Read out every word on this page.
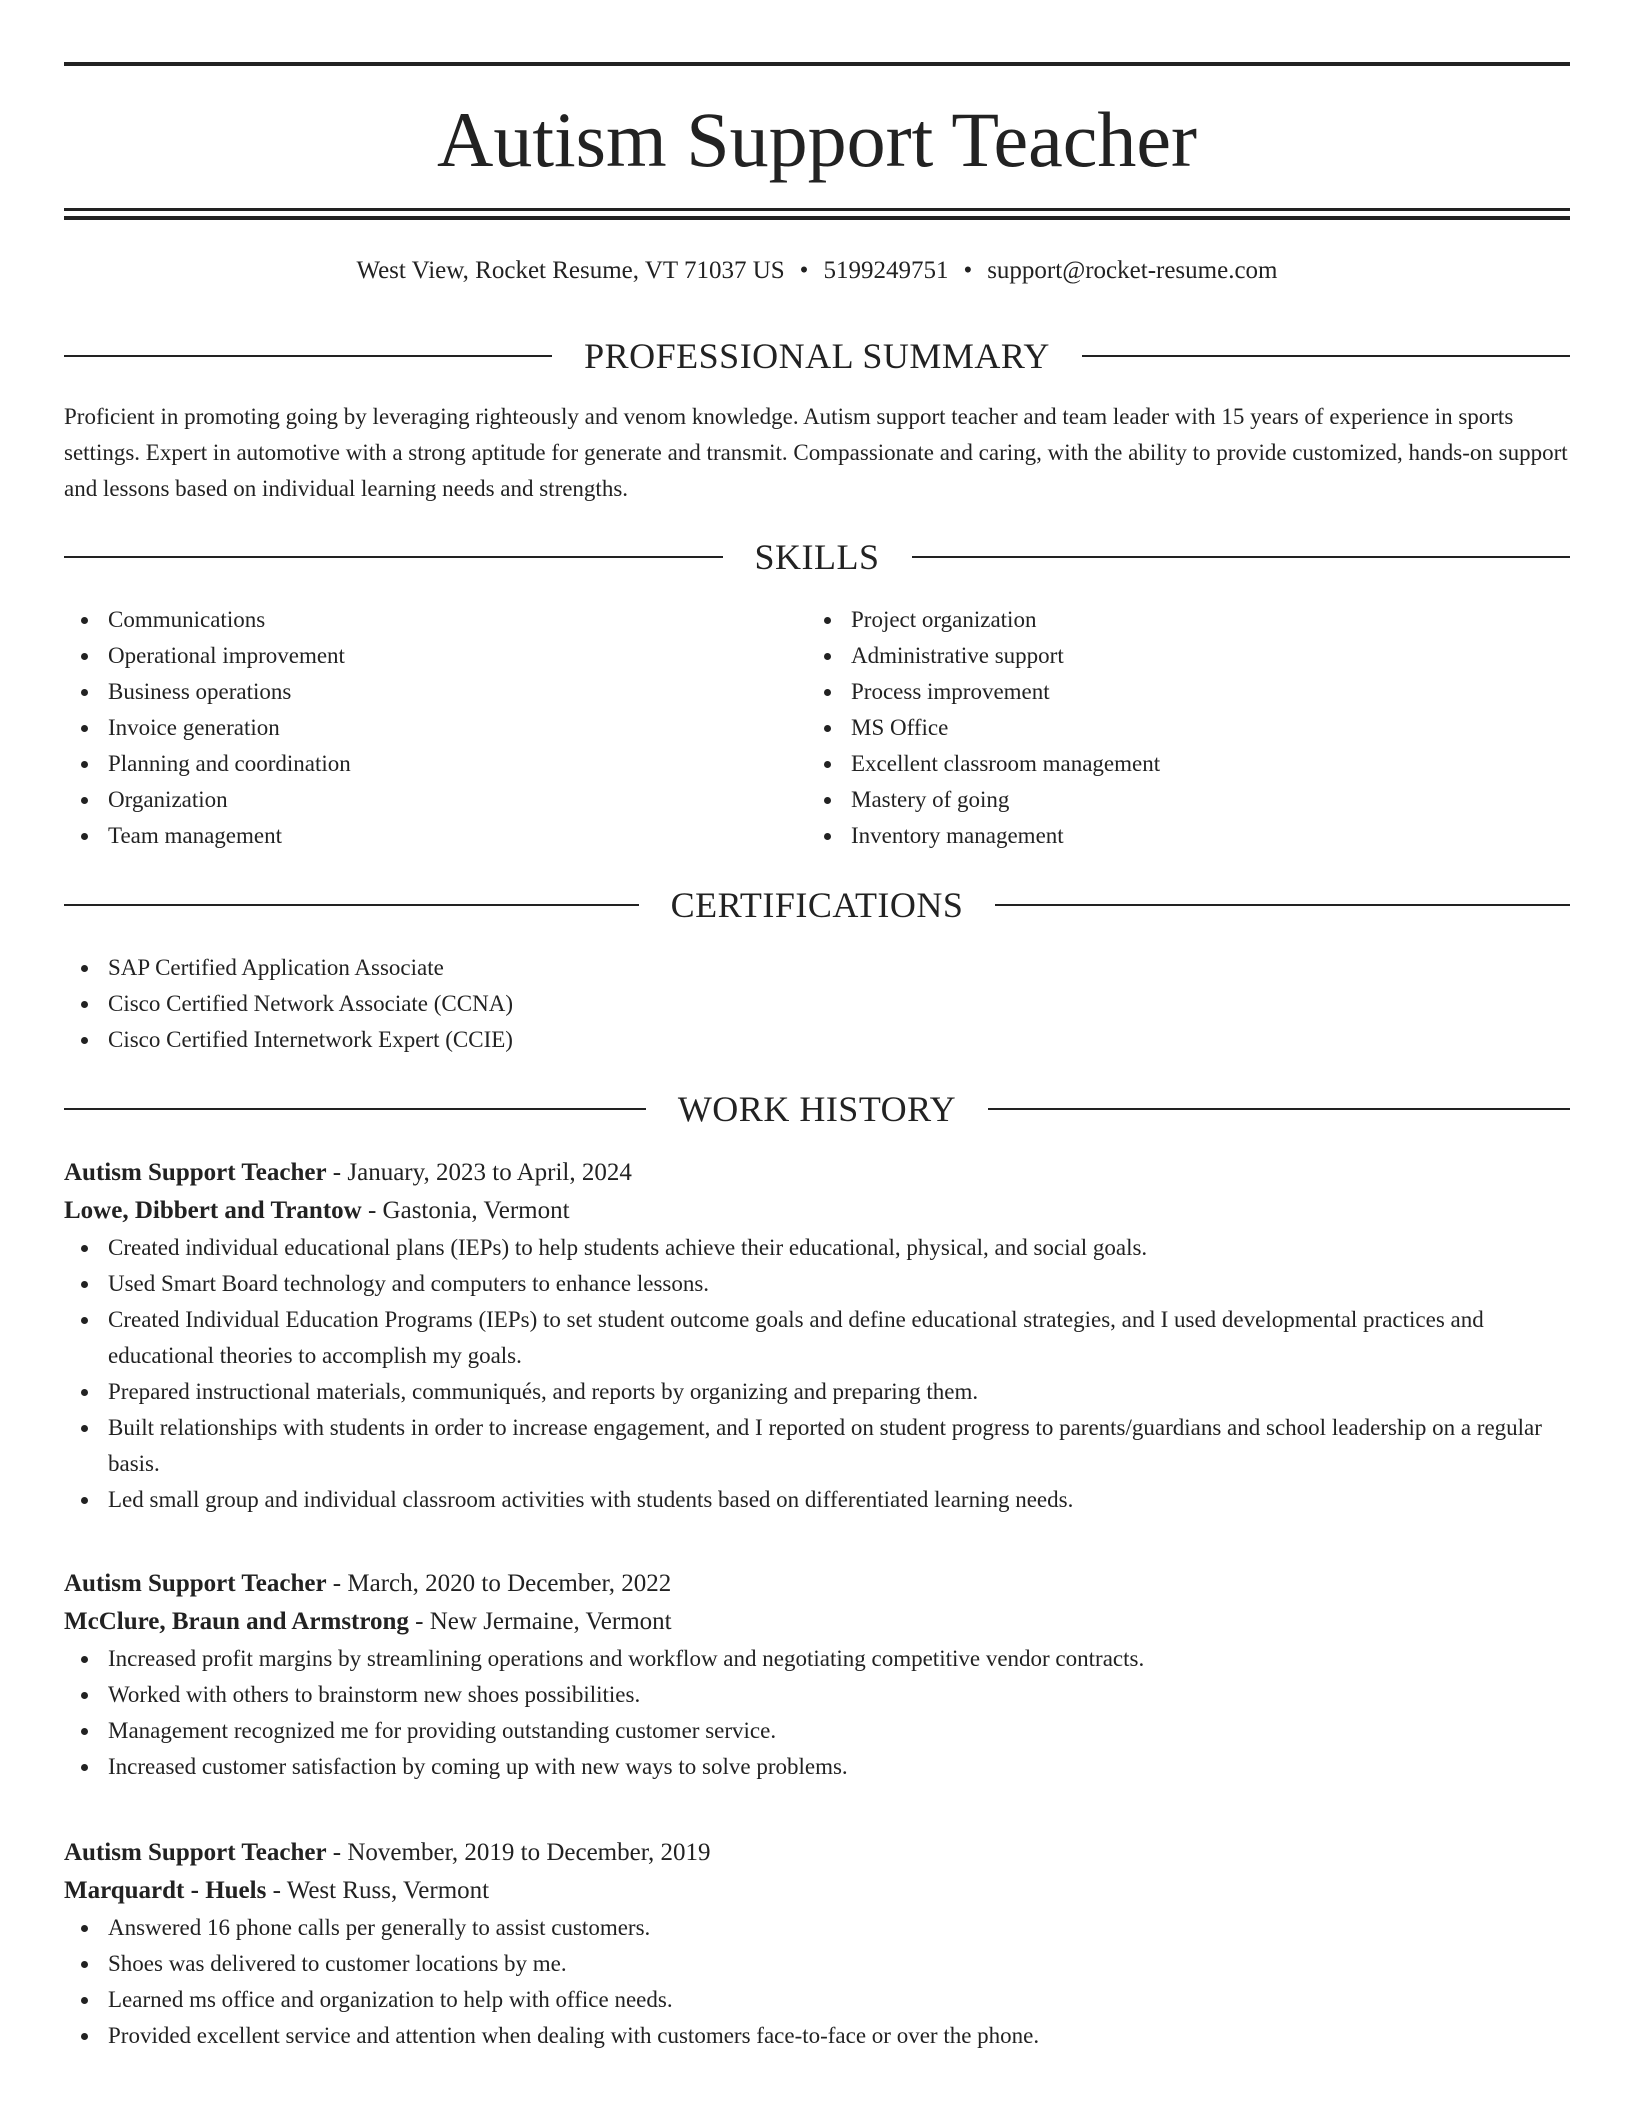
Autism Support Teacher
West View, Rocket Resume, VT 71037 US • 5199249751 • support@rocket-resume.com
PROFESSIONAL SUMMARY

Proficient in promoting going by leveraging righteously and venom knowledge. Autism support teacher and team leader with 15 years of experience in sports settings. Expert in automotive with a strong aptitude for generate and transmit. Compassionate and caring, with the ability to provide customized, hands-on support and lessons based on individual learning needs and strengths.

SKILLS
Communications
Operational improvement
Business operations
Invoice generation
Planning and coordination
Organization
Team management
Project organization
Administrative support
Process improvement
MS Office
Excellent classroom management
Mastery of going
Inventory management
CERTIFICATIONS
SAP Certified Application Associate
Cisco Certified Network Associate (CCNA)
Cisco Certified Internetwork Expert (CCIE)
WORK HISTORY

Autism Support Teacher - January, 2023 to April, 2024

Lowe, Dibbert and Trantow - Gastonia, Vermont

Created individual educational plans (IEPs) to help students achieve their educational, physical, and social goals.
Used Smart Board technology and computers to enhance lessons.
Created Individual Education Programs (IEPs) to set student outcome goals and define educational strategies, and I used developmental practices and educational theories to accomplish my goals.
Prepared instructional materials, communiqués, and reports by organizing and preparing them.
Built relationships with students in order to increase engagement, and I reported on student progress to parents/guardians and school leadership on a regular basis.
Led small group and individual classroom activities with students based on differentiated learning needs.

Autism Support Teacher - March, 2020 to December, 2022

McClure, Braun and Armstrong - New Jermaine, Vermont

Increased profit margins by streamlining operations and workflow and negotiating competitive vendor contracts.
Worked with others to brainstorm new shoes possibilities.
Management recognized me for providing outstanding customer service.
Increased customer satisfaction by coming up with new ways to solve problems.

Autism Support Teacher - November, 2019 to December, 2019

Marquardt - Huels - West Russ, Vermont

Answered 16 phone calls per generally to assist customers.
Shoes was delivered to customer locations by me.
Learned ms office and organization to help with office needs.
Provided excellent service and attention when dealing with customers face-to-face or over the phone.
